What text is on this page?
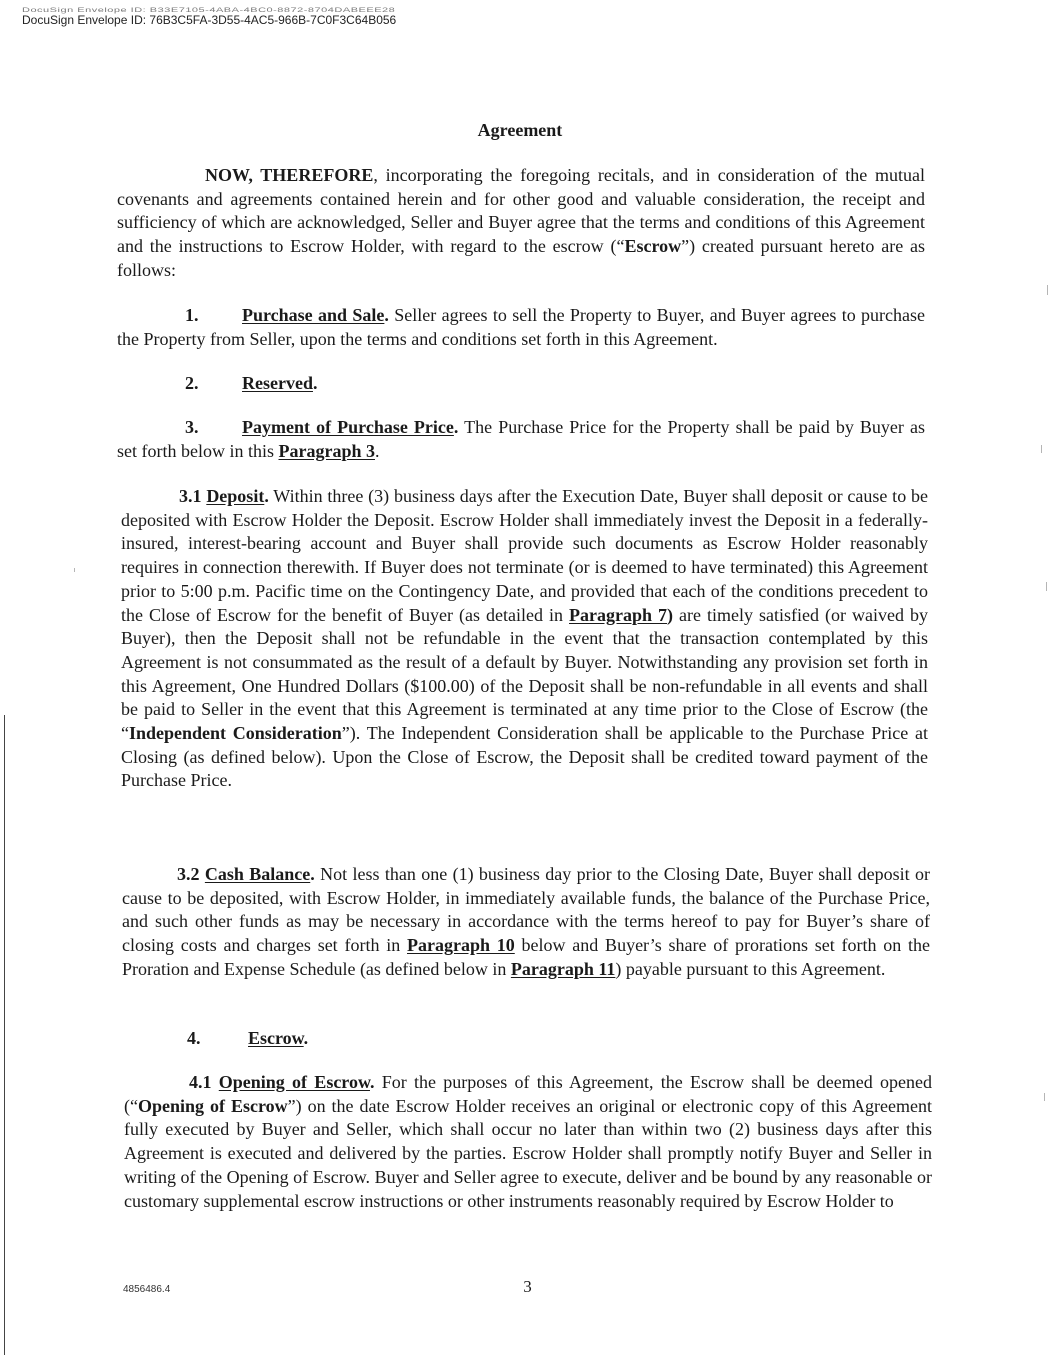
DocuSign Envelope ID: B33E7105-4ABA-4BC0-8872-8704DABEEE28
DocuSign Envelope ID: 76B3C5FA-3D55-4AC5-966B-7C0F3C64B056
Agreement

NOW, THEREFORE, incorporating the foregoing recitals, and in consideration of the mutual covenants and agreements contained herein and for other good and valuable consideration, the receipt and sufficiency of which are acknowledged, Seller and Buyer agree that the terms and conditions of this Agreement and the instructions to Escrow Holder, with regard to the escrow (“Escrow”) created pursuant hereto are as follows:

1. Purchase and Sale. Seller agrees to sell the Property to Buyer, and Buyer agrees to purchase the Property from Seller, upon the terms and conditions set forth in this Agreement.

2. Reserved.

3. Payment of Purchase Price. The Purchase Price for the Property shall be paid by Buyer as set forth below in this Paragraph 3.

3.1 Deposit. Within three (3) business days after the Execution Date, Buyer shall deposit or cause to be deposited with Escrow Holder the Deposit. Escrow Holder shall immediately invest the Deposit in a federally-insured, interest-bearing account and Buyer shall provide such documents as Escrow Holder reasonably requires in connection therewith. If Buyer does not terminate (or is deemed to have terminated) this Agreement prior to 5:00 p.m. Pacific time on the Contingency Date, and provided that each of the conditions precedent to the Close of Escrow for the benefit of Buyer (as detailed in Paragraph 7) are timely satisfied (or waived by Buyer), then the Deposit shall not be refundable in the event that the transaction contemplated by this Agreement is not consummated as the result of a default by Buyer. Notwithstanding any provision set forth in this Agreement, One Hundred Dollars ($100.00) of the Deposit shall be non-refundable in all events and shall be paid to Seller in the event that this Agreement is terminated at any time prior to the Close of Escrow (the “Independent Consideration”). The Independent Consideration shall be applicable to the Purchase Price at Closing (as defined below). Upon the Close of Escrow, the Deposit shall be credited toward payment of the Purchase Price.

3.2 Cash Balance. Not less than one (1) business day prior to the Closing Date, Buyer shall deposit or cause to be deposited, with Escrow Holder, in immediately available funds, the balance of the Purchase Price, and such other funds as may be necessary in accordance with the terms hereof to pay for Buyer’s share of closing costs and charges set forth in Paragraph 10 below and Buyer’s share of prorations set forth on the Proration and Expense Schedule (as defined below in Paragraph 11) payable pursuant to this Agreement.

4.	Escrow.

4.1 Opening of Escrow. For the purposes of this Agreement, the Escrow shall be deemed opened (“Opening of Escrow”) on the date Escrow Holder receives an original or electronic copy of this Agreement fully executed by Buyer and Seller, which shall occur no later than within two (2) business days after this Agreement is executed and delivered by the parties. Escrow Holder shall promptly notify Buyer and Seller in writing of the Opening of Escrow. Buyer and Seller agree to execute, deliver and be bound by any reasonable or customary supplemental escrow instructions or other instruments reasonably required by Escrow Holder to

4856486.4	3
